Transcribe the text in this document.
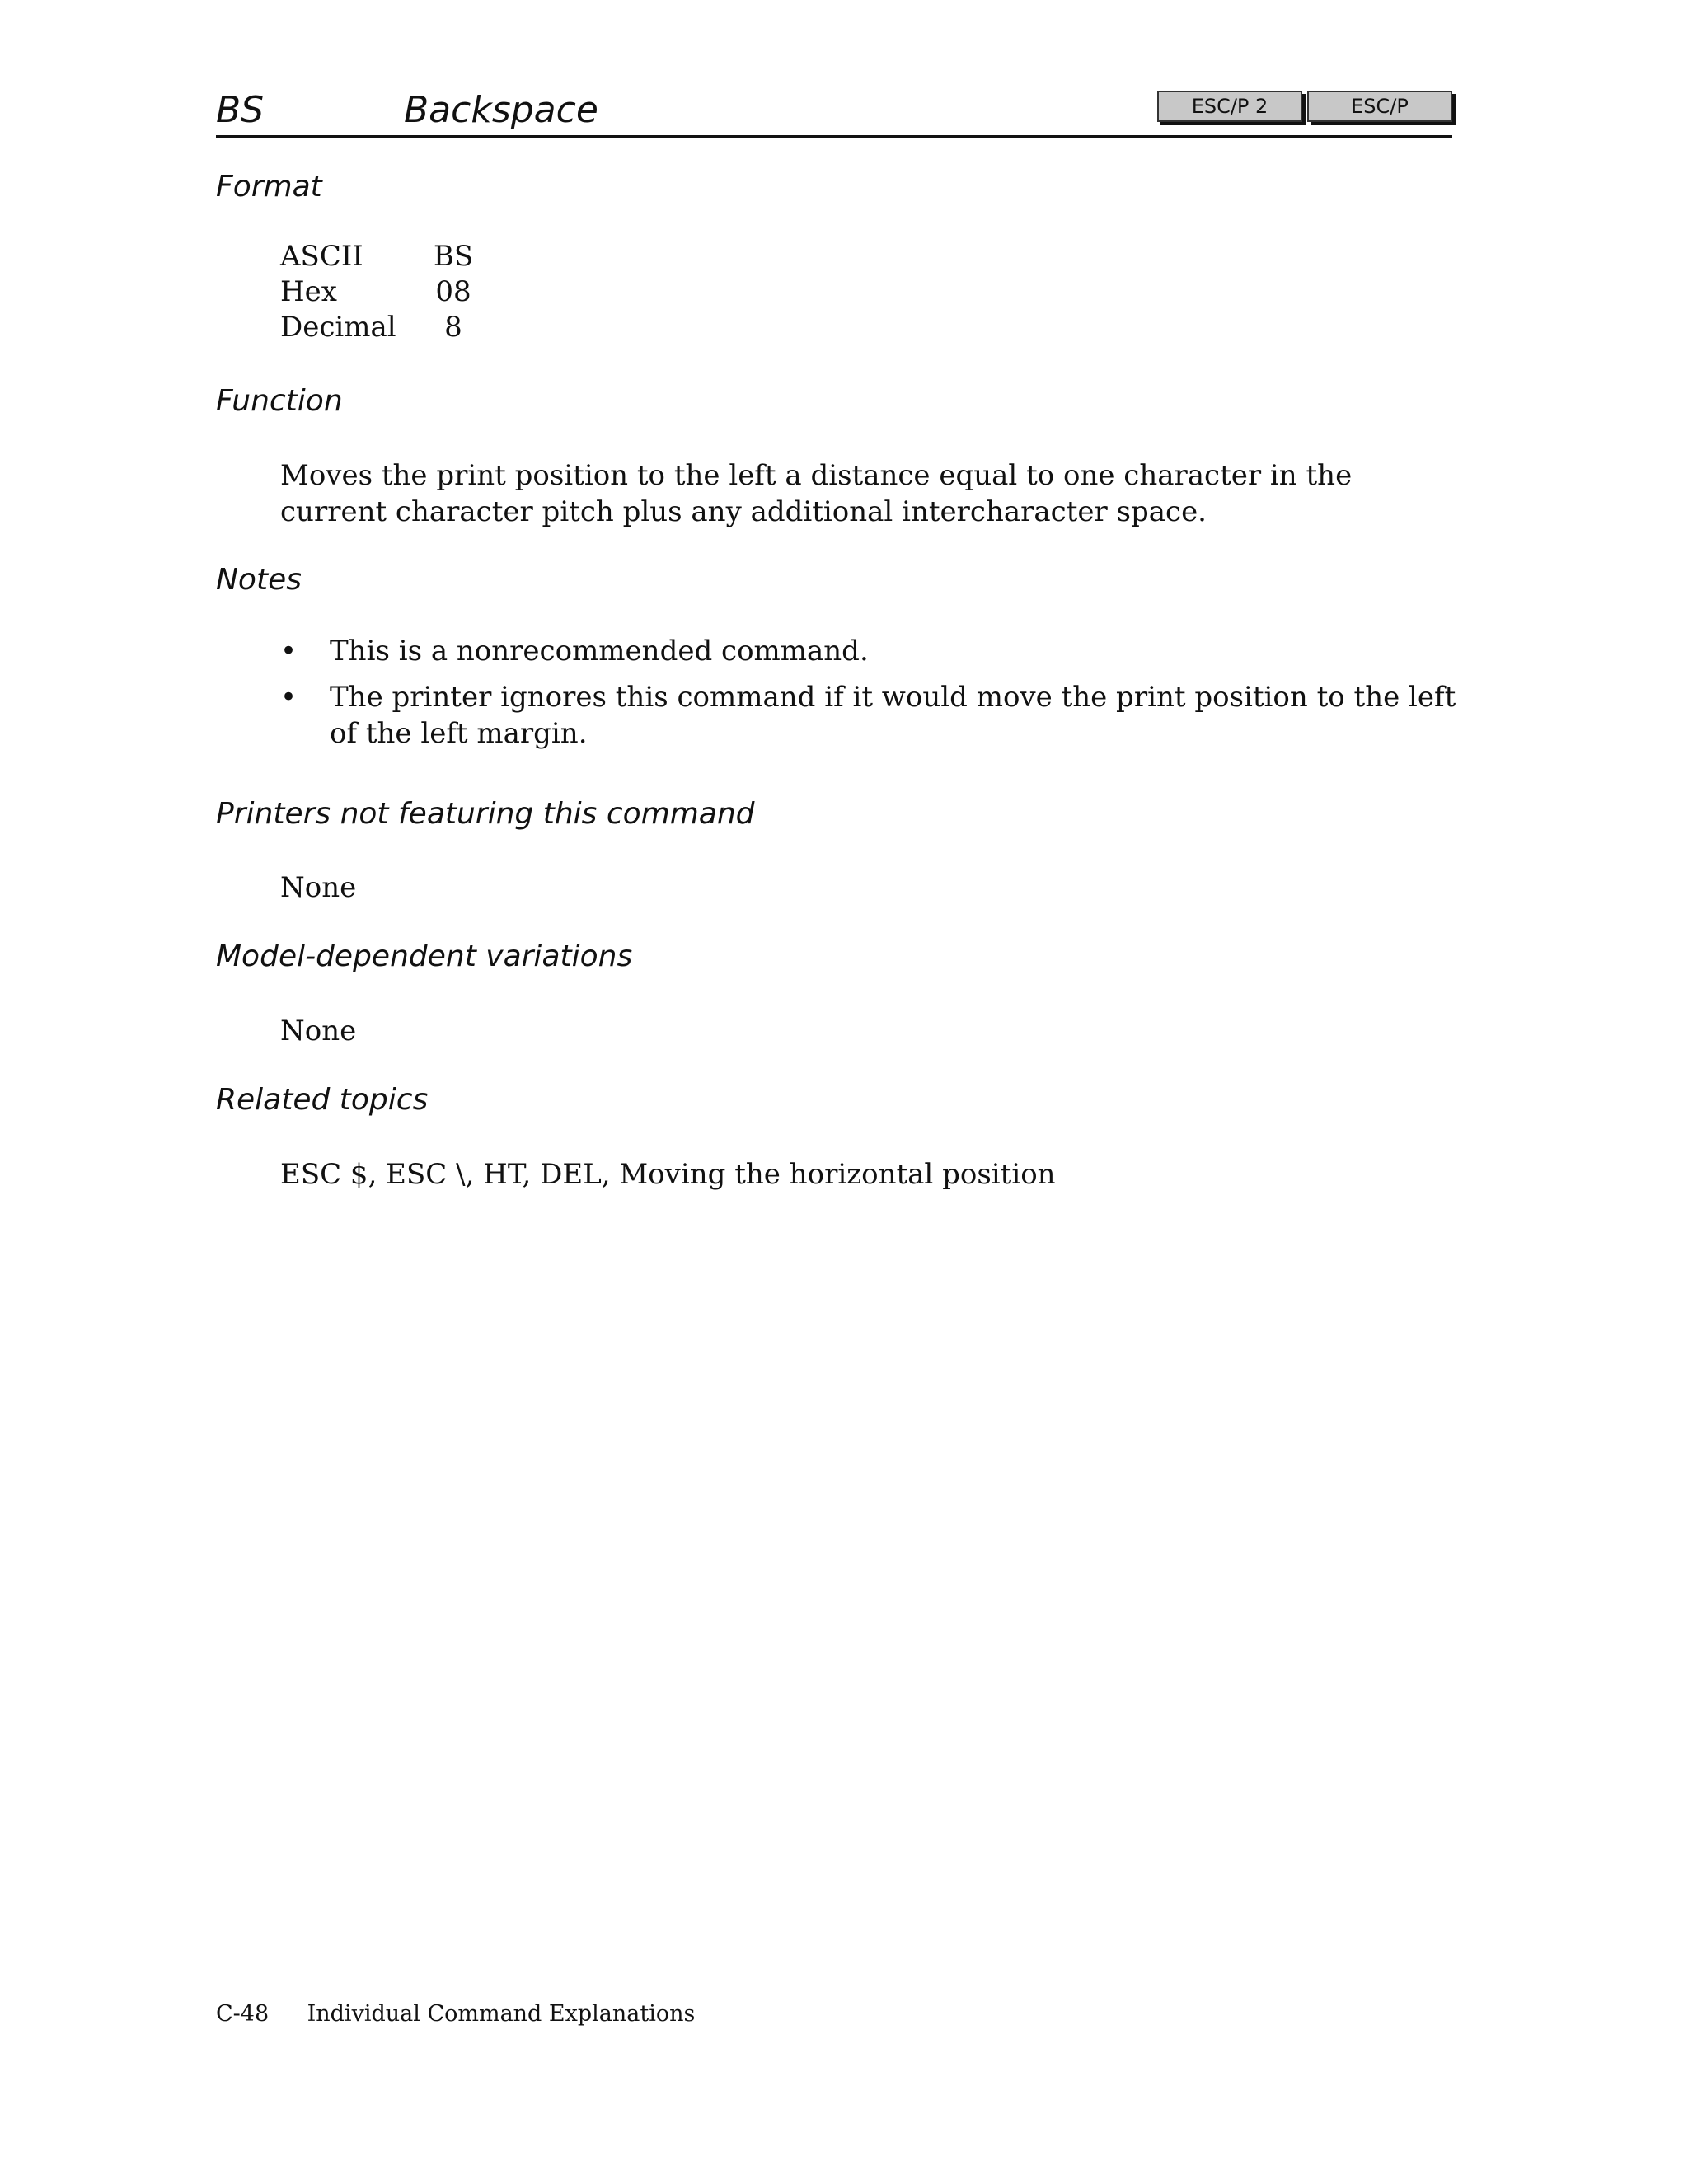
BS	Backspace	ESC/P 2	ESC/P
Format
ASCII	BS
Hex	08
Decimal	8
Function
Moves the print position to the left a distance equal to one character in the current character pitch plus any additional intercharacter space.
Notes
• This is a nonrecommended command.
• The printer ignores this command if it would move the print position to the left of the left margin.
Printers not featuring this command
None
Model-dependent variations
None
Related topics
ESC $, ESC \, HT, DEL, Moving the horizontal position
C-48 Individual Command Explanations
